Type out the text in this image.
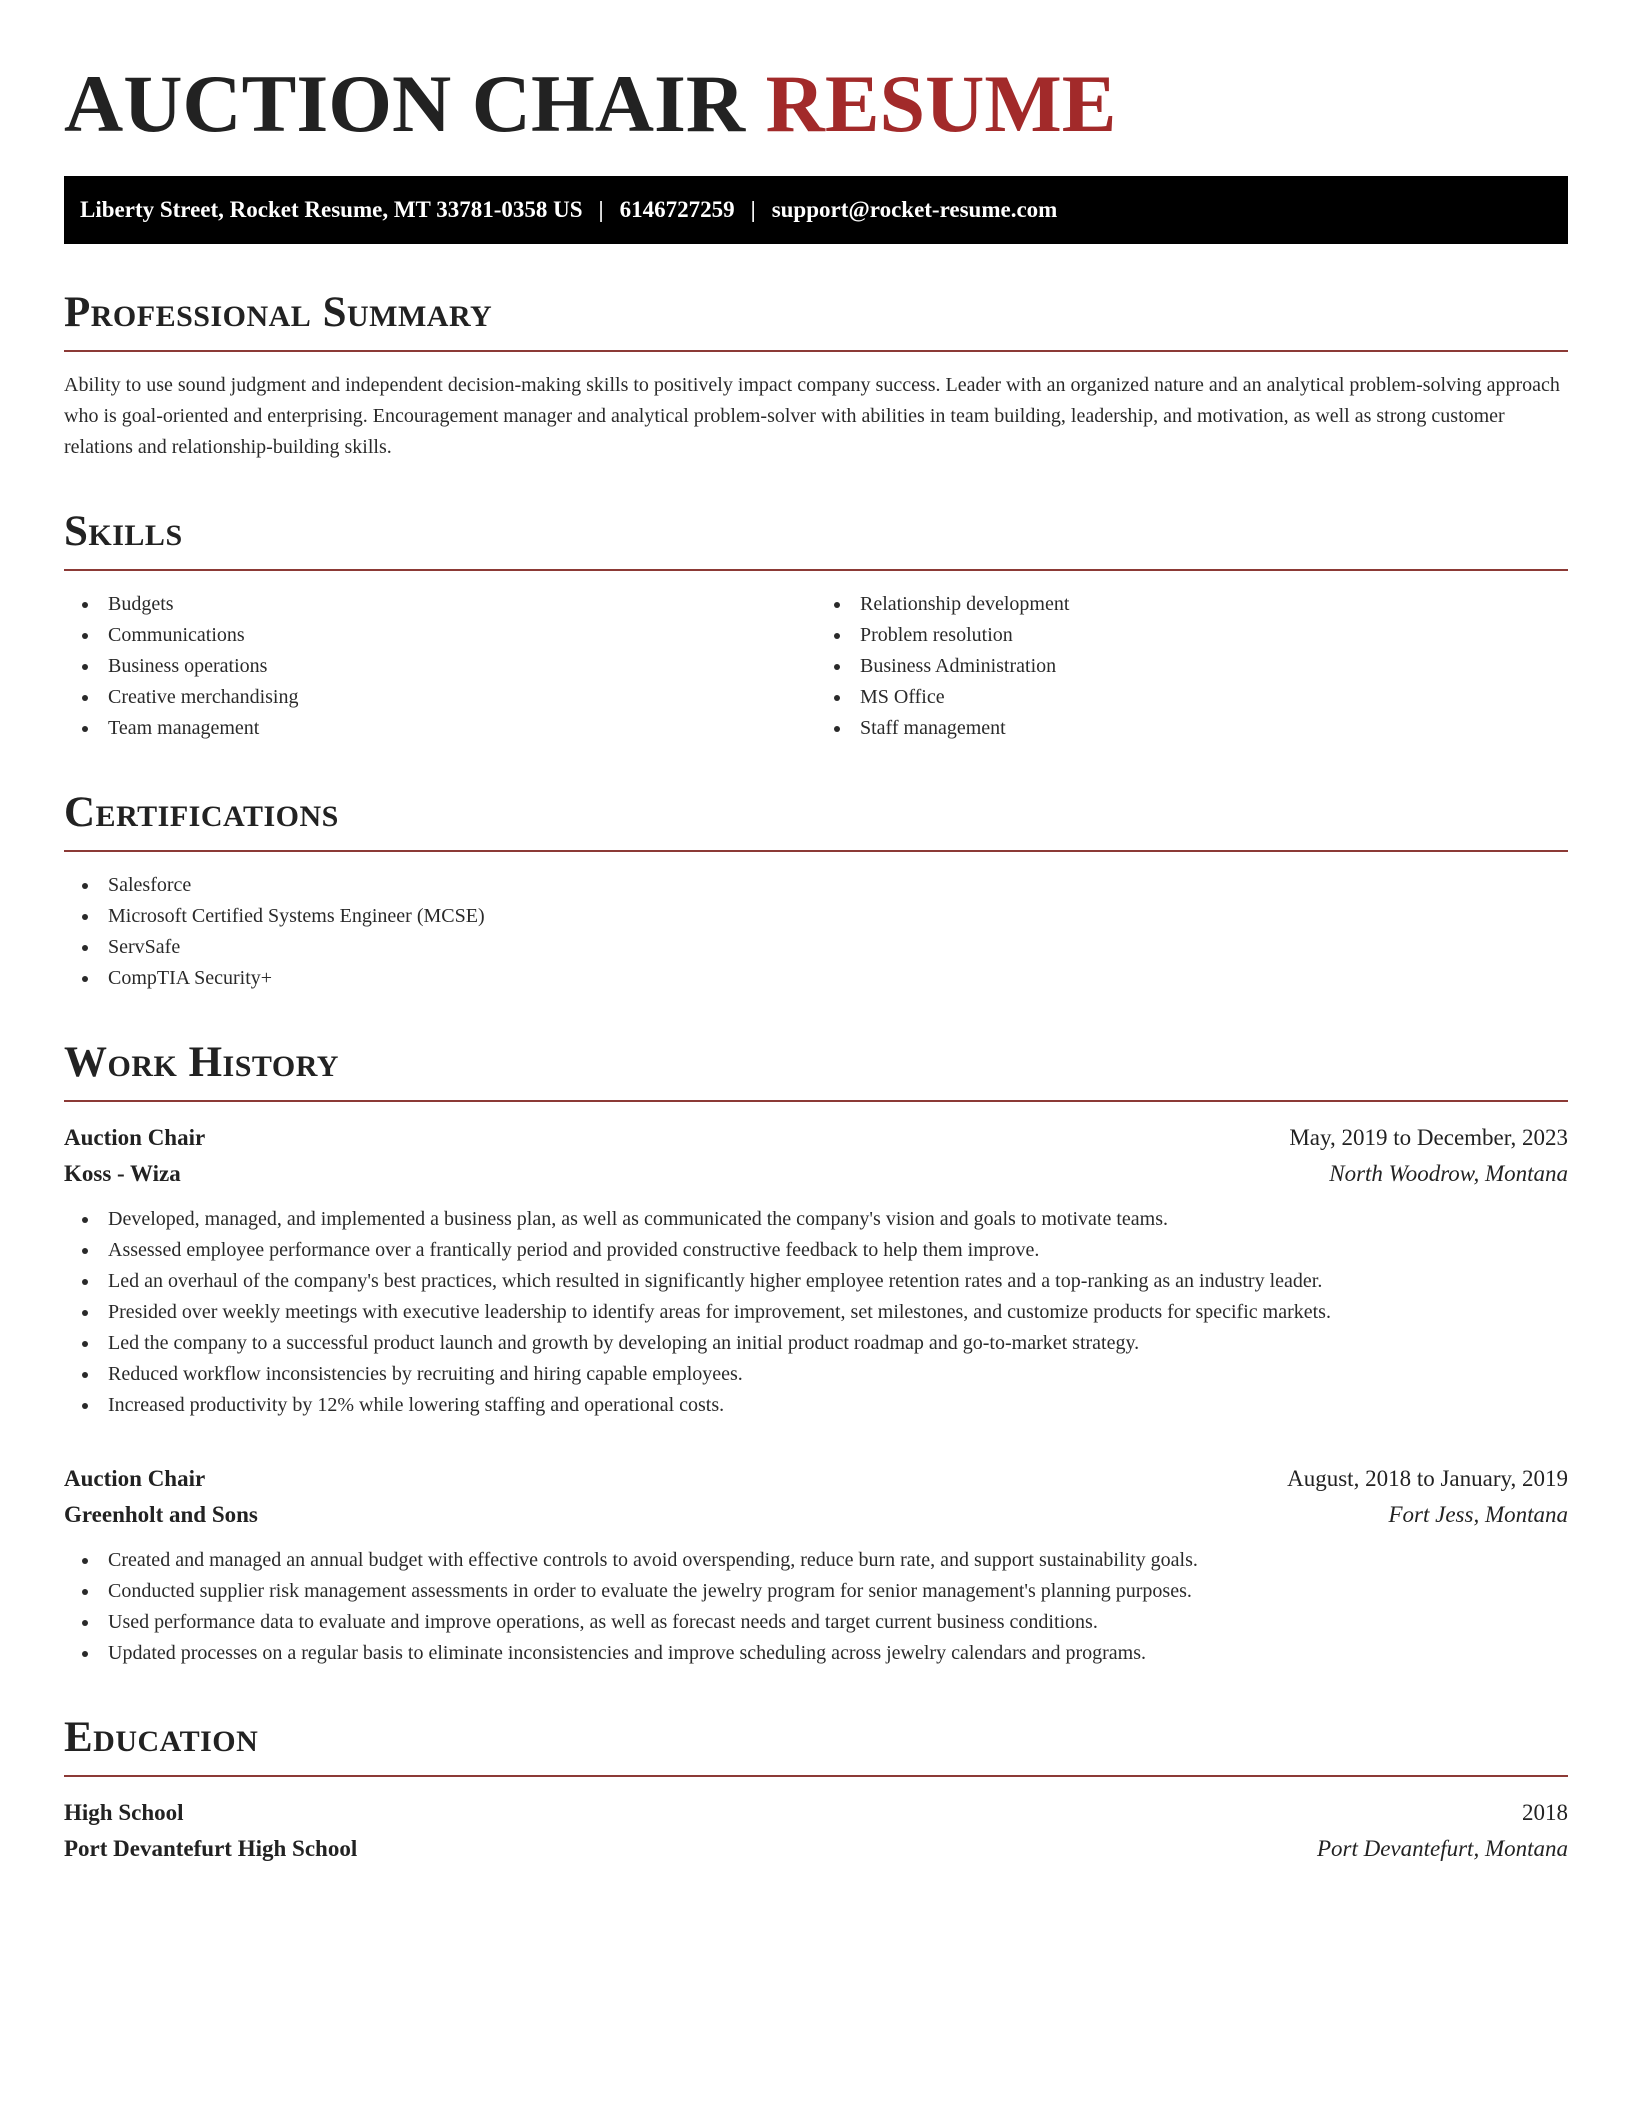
AUCTION CHAIR RESUME
Liberty Street, Rocket Resume, MT 33781-0358 US | 6146727259 | support@rocket-resume.com
Professional Summary

Ability to use sound judgment and independent decision-making skills to positively impact company success. Leader with an organized nature and an analytical problem-solving approach who is goal-oriented and enterprising. Encouragement manager and analytical problem-solver with abilities in team building, leadership, and motivation, as well as strong customer relations and relationship-building skills.

Skills
Budgets
Communications
Business operations
Creative merchandising
Team management
Relationship development
Problem resolution
Business Administration
MS Office
Staff management
Certifications
Salesforce
Microsoft Certified Systems Engineer (MCSE)
ServSafe
CompTIA Security+
Work History
Auction Chair	May, 2019 to December, 2023
Koss - Wiza	North Woodrow, Montana
Developed, managed, and implemented a business plan, as well as communicated the company's vision and goals to motivate teams.
Assessed employee performance over a frantically period and provided constructive feedback to help them improve.
Led an overhaul of the company's best practices, which resulted in significantly higher employee retention rates and a top-ranking as an industry leader.
Presided over weekly meetings with executive leadership to identify areas for improvement, set milestones, and customize products for specific markets.
Led the company to a successful product launch and growth by developing an initial product roadmap and go-to-market strategy.
Reduced workflow inconsistencies by recruiting and hiring capable employees.
Increased productivity by 12% while lowering staffing and operational costs.
Auction Chair	August, 2018 to January, 2019
Greenholt and Sons	Fort Jess, Montana
Created and managed an annual budget with effective controls to avoid overspending, reduce burn rate, and support sustainability goals.
Conducted supplier risk management assessments in order to evaluate the jewelry program for senior management's planning purposes.
Used performance data to evaluate and improve operations, as well as forecast needs and target current business conditions.
Updated processes on a regular basis to eliminate inconsistencies and improve scheduling across jewelry calendars and programs.
Education
High School	2018
Port Devantefurt High School	Port Devantefurt, Montana
